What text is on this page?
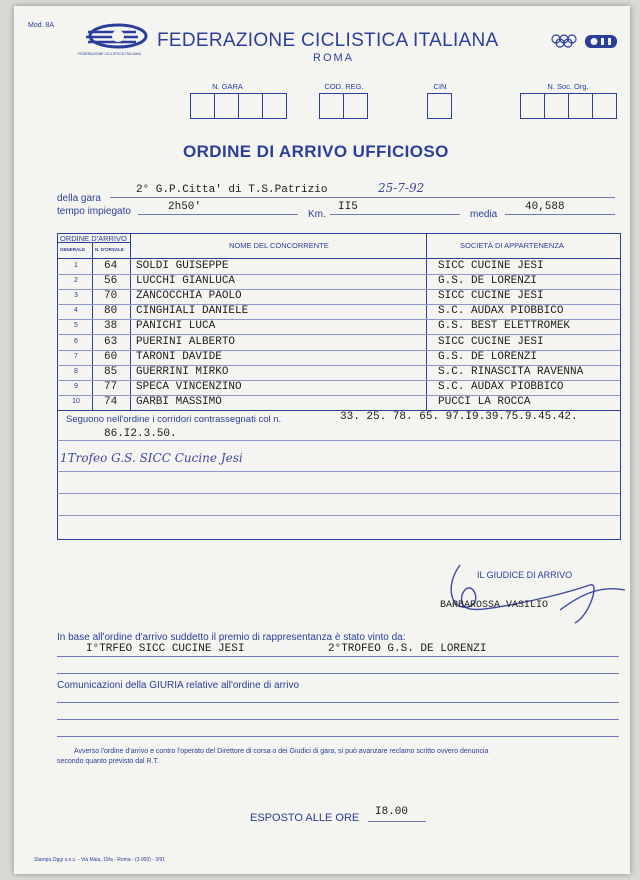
Mod. 8A
FEDERAZIONE CICLISTICA ITALIANA
FEDERAZIONE CICLISTICA ITALIANA
ROMA
N. GARA	COD. REG.	CIN	N. Soc. Org.
ORDINE DI ARRIVO UFFICIOSO
della gara
2° G.P.Citta' di T.S.Patrizio	25-7-92
tempo impiegato	2h50'
Km.
II5
media
40,588
ORDINE D'ARRIVO
GENERALE N. D'ORSALE	NOME DEL CONCORRENTE	SOCIETÀ DI APPARTENENZA
1	64 SOLDI GUISEPPE	SICC CUCINE JESI
2	56 LUCCHI GIANLUCA	G.S. DE LORENZI
3	70 ZANCOCCHIA PAOLO	SICC CUCINE JESI
4	80 CINGHIALI DANIELE	S.C. AUDAX PIOBBICO
5	38 PANICHI LUCA	G.S. BEST ELETTROMEK
6	63 PUERINI ALBERTO	SICC CUCINE JESI
7	60 TARONI DAVIDE	G.S. DE LORENZI
8	85 GUERRINI MIRKO	S.C. RINASCITA RAVENNA
9	77 SPECA VINCENZINO	S.C. AUDAX PIOBBICO
10	74 GARBI MASSIMO	PUCCI LA ROCCA
Seguono nell'ordine i corridori contrassegnati col n.	33. 25. 78. 65. 97.I9.39.75.9.45.42.
86.I2.3.50.
1Trofeo G.S. SICC Cucine Jesi
IL GIUDICE DI ARRIVO
BARBAROSSA VASILIO
In base all'ordine d'arrivo suddetto il premio di rappresentanza è stato vinto da:
I°TRFEO SICC CUCINE JESI	2°TROFEO G.S. DE LORENZI
Comunicazioni della GIURIA relative all'ordine di arrivo
Avverso l'ordine d'arrivo e contro l'operato del Direttore di corsa o dei Giudici di gara, si può avanzare reclamo scritto ovvero denuncia
secondo quanto previsto dal R.T.
ESPOSTO ALLE ORE I8.00
Stampa Oggi s.n.c. - Via Maia, 19/a - Roma - (3.000) - 3/91
